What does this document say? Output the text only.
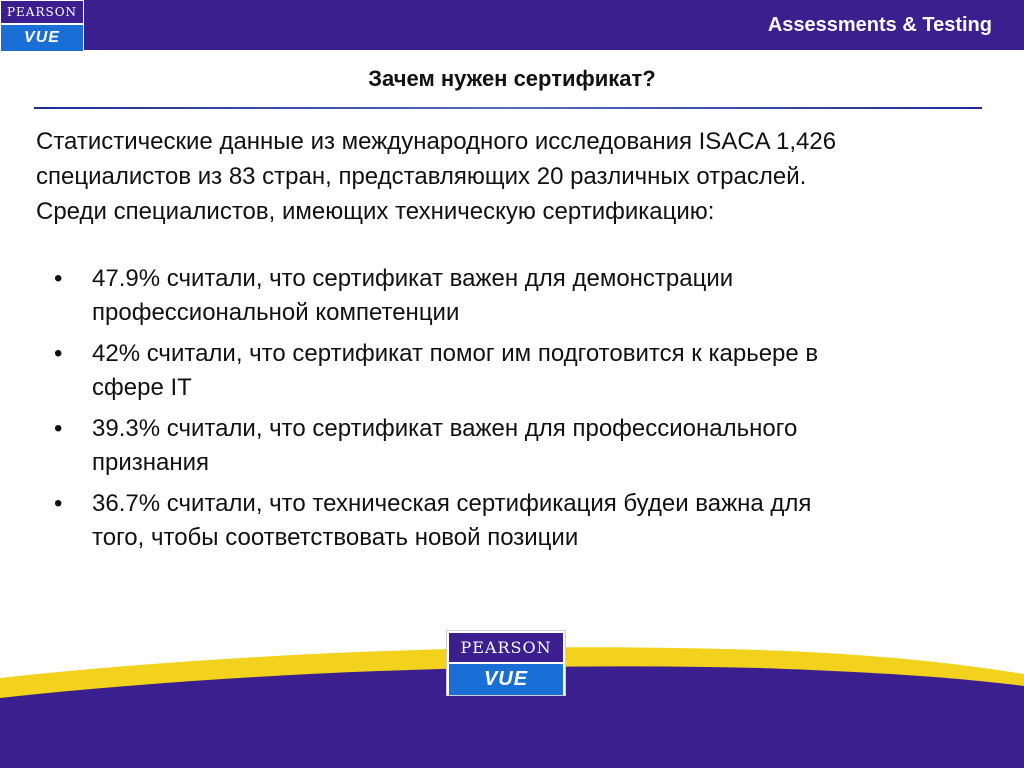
PEARSON
VUE
Assessments & Testing
Зачем нужен сертификат?

Статистические данные из международного исследования ISACA 1,426
специалистов из 83 стран, представляющих 20 различных отраслей.
Среди специалистов, имеющих техническую сертификацию:

• 47.9% считали, что сертификат важен для демонстрации
профессиональной компетенции
• 42% считали, что сертификат помог им подготовится к карьере в
сфере IT
• 39.3% считали, что сертификат важен для профессионального
признания
• 36.7% считали, что техническая сертификация будеи важна для
того, чтобы соответствовать новой позиции
PEARSON
VUE
